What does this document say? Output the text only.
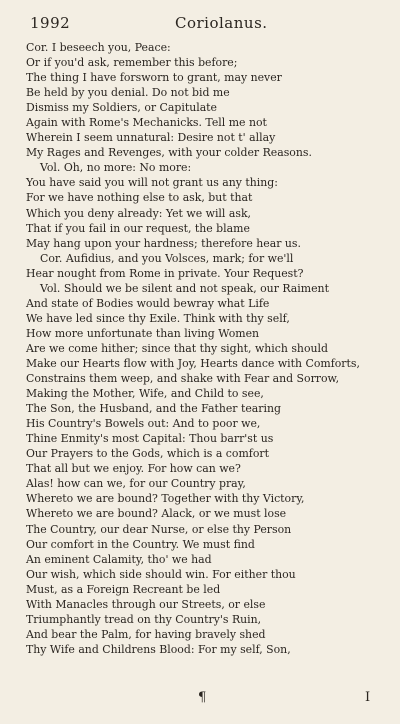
1992	Coriolanus.
Cor. I beseech you, Peace:
Or if you'd ask, remember this before;
The thing I have forsworn to grant, may never
Be held by you denial. Do not bid me
Dismiss my Soldiers, or Capitulate
Again with Rome's Mechanicks. Tell me not
Wherein I seem unnatural: Desire not t' allay
My Rages and Revenges, with your colder Reasons.
Vol. Oh, no more: No more:
You have said you will not grant us any thing:
For we have nothing else to ask, but that
Which you deny already: Yet we will ask,
That if you fail in our request, the blame
May hang upon your hardness; therefore hear us.
Cor. Aufidius, and you Volsces, mark; for we'll
Hear nought from Rome in private. Your Request?
Vol. Should we be silent and not speak, our Raiment
And state of Bodies would bewray what Life
We have led since thy Exile. Think with thy self,
How more unfortunate than living Women
Are we come hither; since that thy sight, which should
Make our Hearts flow with Joy, Hearts dance with Comforts,
Constrains them weep, and shake with Fear and Sorrow,
Making the Mother, Wife, and Child to see,
The Son, the Husband, and the Father tearing
His Country's Bowels out: And to poor we,
Thine Enmity's most Capital: Thou barr'st us
Our Prayers to the Gods, which is a comfort
That all but we enjoy. For how can we?
Alas! how can we, for our Country pray,
Whereto we are bound? Together with thy Victory,
Whereto we are bound? Alack, or we must lose
The Country, our dear Nurse, or else thy Person
Our comfort in the Country. We must find
An eminent Calamity, tho' we had
Our wish, which side should win. For either thou
Must, as a Foreign Recreant be led
With Manacles through our Streets, or else
Triumphantly tread on thy Country's Ruin,
And bear the Palm, for having bravely shed
Thy Wife and Childrens Blood: For my self, Son,
¶	I
